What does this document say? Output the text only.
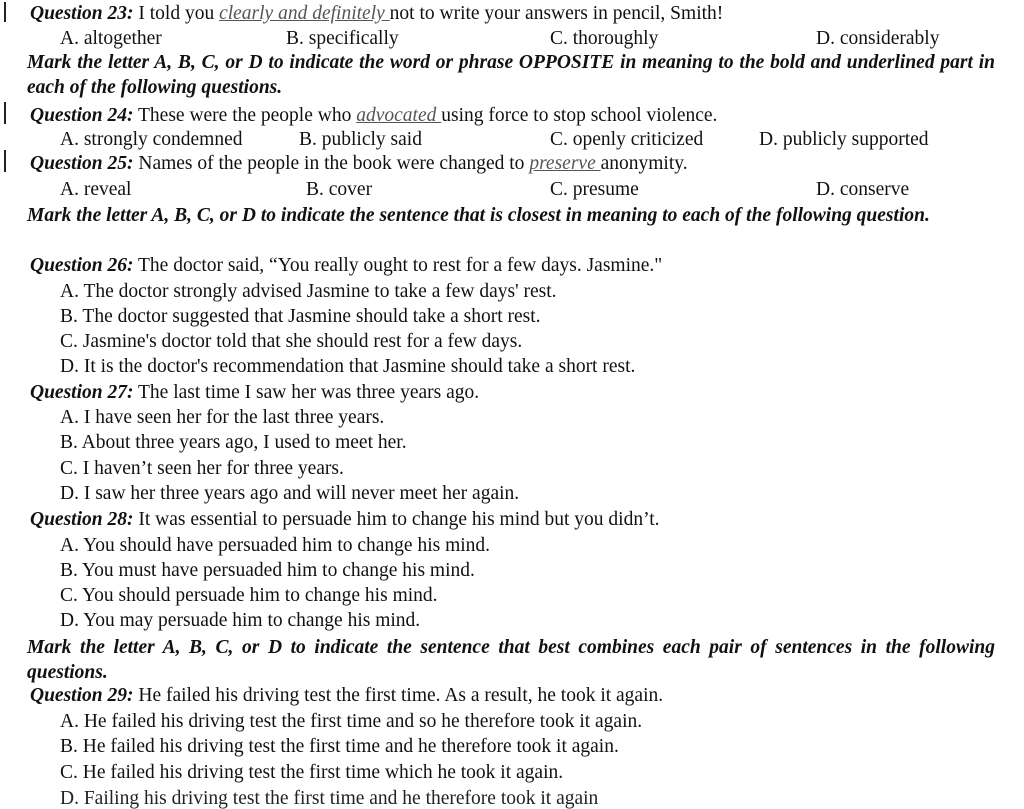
Question 23: I told you clearly and definitely not to write your answers in pencil, Smith!
A. altogether	B. specifically	C. thoroughly	D. considerably
Mark the letter A, B, C, or D to indicate the word or phrase OPPOSITE in meaning to the bold and underlined part in each of the following questions.
Question 24: These were the people who advocated using force to stop school violence.
A. strongly condemned	B. publicly said	C. openly criticized	D. publicly supported
Question 25: Names of the people in the book were changed to preserve anonymity.
A. reveal	B. cover	C. presume	D. conserve
Mark the letter A, B, C, or D to indicate the sentence that is closest in meaning to each of the following question.
Question 26: The doctor said, “You really ought to rest for a few days. Jasmine."
A. The doctor strongly advised Jasmine to take a few days' rest.
B. The doctor suggested that Jasmine should take a short rest.
C. Jasmine's doctor told that she should rest for a few days.
D. It is the doctor's recommendation that Jasmine should take a short rest.
Question 27: The last time I saw her was three years ago.
A. I have seen her for the last three years.
B. About three years ago, I used to meet her.
C. I haven’t seen her for three years.
D. I saw her three years ago and will never meet her again.
Question 28: It was essential to persuade him to change his mind but you didn’t.
A. You should have persuaded him to change his mind.
B. You must have persuaded him to change his mind.
C. You should persuade him to change his mind.
D. You may persuade him to change his mind.
Mark the letter A, B, C, or D to indicate the sentence that best combines each pair of sentences in the following questions.
Question 29: He failed his driving test the first time. As a result, he took it again.
A. He failed his driving test the first time and so he therefore took it again.
B. He failed his driving test the first time and he therefore took it again.
C. He failed his driving test the first time which he took it again.
D. Failing his driving test the first time and he therefore took it again
